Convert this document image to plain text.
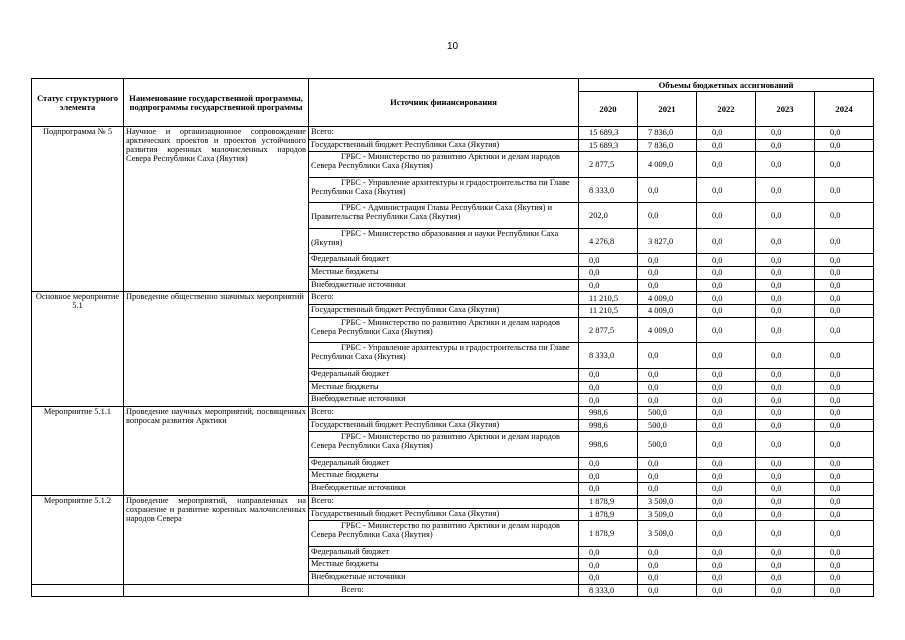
10
Статус структурного элемента	Наименование государственной программы, подпрограммы государственной программы	Источник финансирования	Объемы бюджетных ассигнований				
			2020	2021	2022	2023	2024
Подпрограмма № 5	Научное и организационное сопровождение арктических проектов и проектов устойчивого развития коренных малочисленных народов Севера Республики Саха (Якутия)	Всего:	15 689,3	7 836,0	0,0	0,0	0,0
		Государственный бюджет Республики Саха (Якутия)	15 689,3	7 836,0	0,0	0,0	0,0
		ГРБС - Министерство по развитию Арктики и делам народов Севера Республики Саха (Якутия)	2 877,5	4 009,0	0,0	0,0	0,0
		ГРБС - Управление архитектуры и градостроительства пи Главе Республики Саха (Якутия)	8 333,0	0,0	0,0	0,0	0,0
		ГРБС - Администрация Главы Республики Саха (Якутия) и Правительства Республики Саха (Якутия)	202,0	0,0	0,0	0,0	0,0
		ГРБС - Министерство образования и науки Республики Саха (Якутия)	4 276,8	3 827,0	0,0	0,0	0,0
		Федеральный бюджет	0,0	0,0	0,0	0,0	0,0
		Местные бюджеты	0,0	0,0	0,0	0,0	0,0
		Внебюджетные источники	0,0	0,0	0,0	0,0	0,0
Основное мероприятие 5.1	Проведение общественно значимых мероприятий	Всего:	11 210,5	4 009,0	0,0	0,0	0,0
		Государственный бюджет Республики Саха (Якутия)	11 210,5	4 009,0	0,0	0,0	0,0
		ГРБС - Министерство по развитию Арктики и делам народов Севера Республики Саха (Якутия)	2 877,5	4 009,0	0,0	0,0	0,0
		ГРБС - Управление архитектуры и градостроительства пи Главе Республики Саха (Якутия)	8 333,0	0,0	0,0	0,0	0,0
		Федеральный бюджет	0,0	0,0	0,0	0,0	0,0
		Местные бюджеты	0,0	0,0	0,0	0,0	0,0
		Внебюджетные источники	0,0	0,0	0,0	0,0	0,0
Мероприятие 5.1.1	Проведение научных мероприятий, посвященных вопросам развития Арктики	Всего:	998,6	500,0	0,0	0,0	0,0
		Государственный бюджет Республики Саха (Якутия)	998,6	500,0	0,0	0,0	0,0
		ГРБС - Министерство по развитию Арктики и делам народов Севера Республики Саха (Якутия)	998,6	500,0	0,0	0,0	0,0
		Федеральный бюджет	0,0	0,0	0,0	0,0	0,0
		Местные бюджеты	0,0	0,0	0,0	0,0	0,0
		Внебюджетные источники	0,0	0,0	0,0	0,0	0,0
Мероприятие 5.1.2	Проведение мероприятий, направленных на сохранение и развитие коренных малочисленных народов Севера	Всего:	1 878,9	3 509,0	0,0	0,0	0,0
		Государственный бюджет Республики Саха (Якутия)	1 878,9	3 509,0	0,0	0,0	0,0
		ГРБС - Министерство по развитию Арктики и делам народов Севера Республики Саха (Якутия)	1 878,9	3 509,0	0,0	0,0	0,0
		Федеральный бюджет	0,0	0,0	0,0	0,0	0,0
		Местные бюджеты	0,0	0,0	0,0	0,0	0,0
		Внебюджетные источники	0,0	0,0	0,0	0,0	0,0
		Всего:	8 333,0	0,0	0,0	0,0	0,0
